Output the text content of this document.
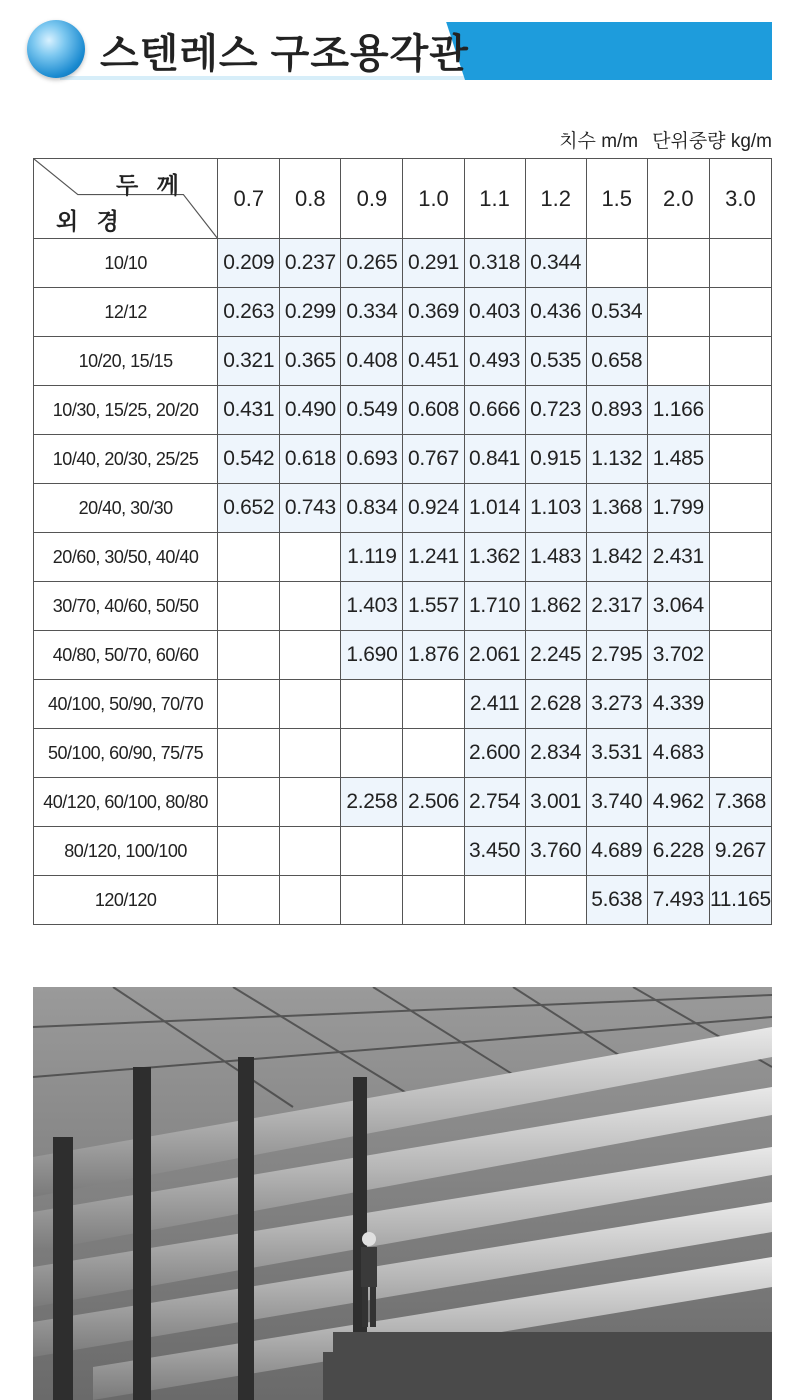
스텐레스 구조용각관
치수 m/m 단위중량 kg/m
두 께
외 경	0.7	0.8	0.9	1.0	1.1	1.2	1.5	2.0	3.0
10/10	0.209	0.237	0.265	0.291	0.318	0.344			
12/12	0.263	0.299	0.334	0.369	0.403	0.436	0.534		
10/20, 15/15	0.321	0.365	0.408	0.451	0.493	0.535	0.658		
10/30, 15/25, 20/20	0.431	0.490	0.549	0.608	0.666	0.723	0.893	1.166	
10/40, 20/30, 25/25	0.542	0.618	0.693	0.767	0.841	0.915	1.132	1.485	
20/40, 30/30	0.652	0.743	0.834	0.924	1.014	1.103	1.368	1.799	
20/60, 30/50, 40/40			1.119	1.241	1.362	1.483	1.842	2.431	
30/70, 40/60, 50/50			1.403	1.557	1.710	1.862	2.317	3.064	
40/80, 50/70, 60/60			1.690	1.876	2.061	2.245	2.795	3.702	
40/100, 50/90, 70/70					2.411	2.628	3.273	4.339	
50/100, 60/90, 75/75					2.600	2.834	3.531	4.683	
40/120, 60/100, 80/80			2.258	2.506	2.754	3.001	3.740	4.962	7.368
80/120, 100/100					3.450	3.760	4.689	6.228	9.267
120/120							5.638	7.493	11.165
